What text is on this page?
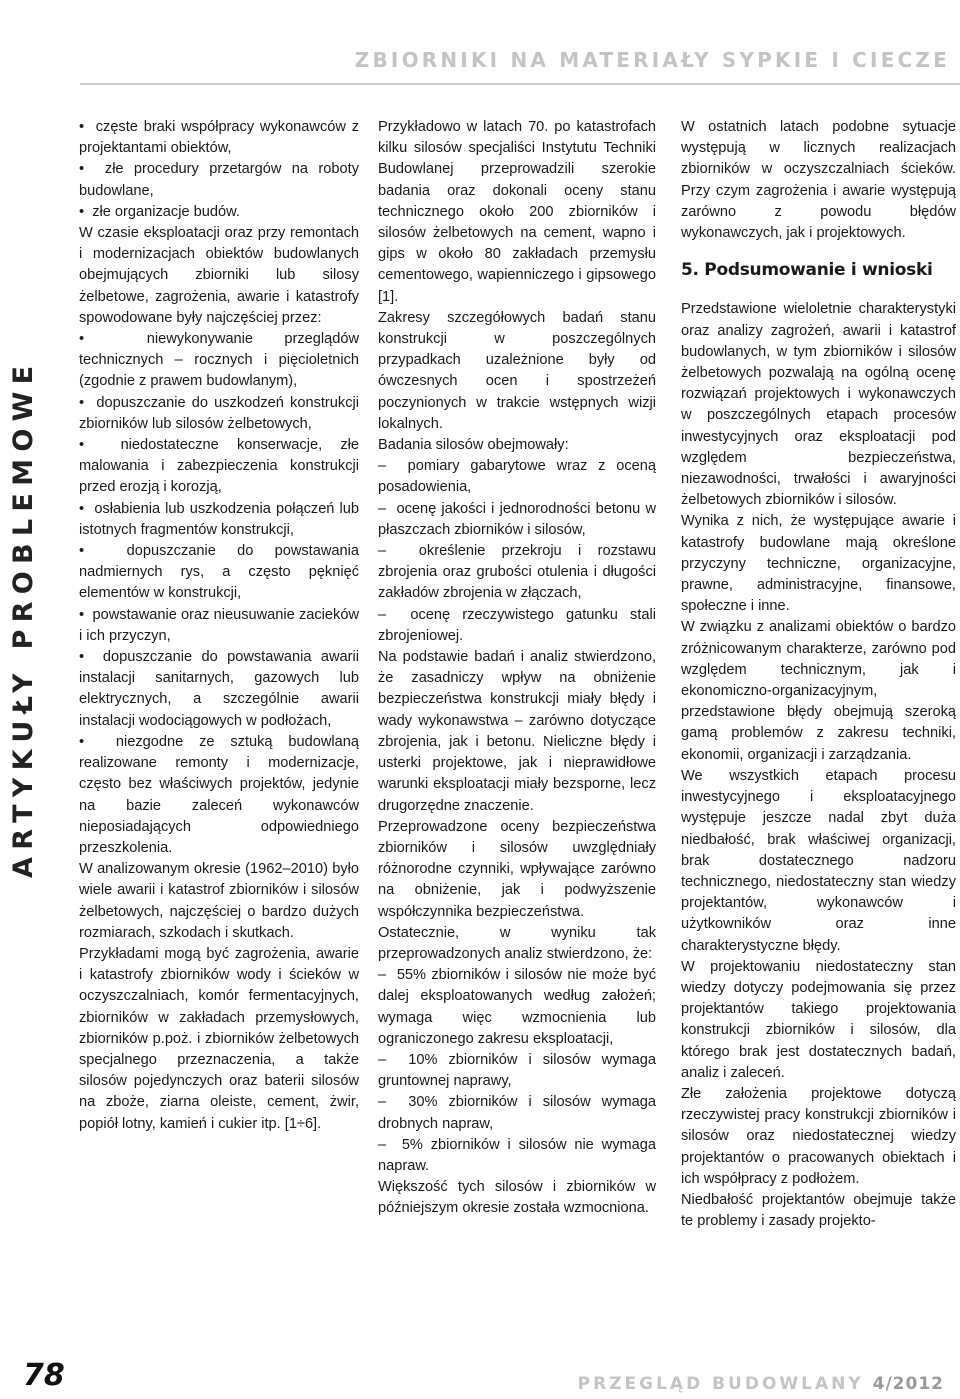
ZBIORNIKI NA MATERIAŁY SYPKIE I CIECZE
ARTYKUŁY PROBLEMOWE

•  częste braki współpracy wykonawców z projektantami obiektów,

•  złe procedury przetargów na roboty budowlane,

•  złe organizacje budów.

W czasie eksploatacji oraz przy remontach i modernizacjach obiektów budowlanych obejmujących zbiorniki lub silosy żelbetowe, zagrożenia, awarie i katastrofy spowodowane były najczęściej przez:

•  niewykonywanie przeglądów technicznych – rocznych i pięcioletnich (zgodnie z prawem budowlanym),

•  dopuszczanie do uszkodzeń konstrukcji zbiorników lub silosów żelbetowych,

•  niedostateczne konserwacje, złe malowania i zabezpieczenia konstrukcji przed erozją i korozją,

•  osłabienia lub uszkodzenia połączeń lub istotnych fragmentów konstrukcji,

•  dopuszczanie do powstawania nadmiernych rys, a często pęknięć elementów w konstrukcji,

•  powstawanie oraz nieusuwanie zacieków i ich przyczyn,

•  dopuszczanie do powstawania awarii instalacji sanitarnych, gazowych lub elektrycznych, a szczególnie awarii instalacji wodociągowych w podłożach,

•  niezgodne ze sztuką budowlaną realizowane remonty i modernizacje, często bez właściwych projektów, jedynie na bazie zaleceń wykonawców nieposiadających odpowiedniego przeszkolenia.

W analizowanym okresie (1962–2010) było wiele awarii i katastrof zbiorników i silosów żelbetowych, najczęściej o bardzo dużych rozmiarach, szkodach i skutkach.

Przykładami mogą być zagrożenia, awarie i katastrofy zbiorników wody i ścieków w oczyszczalniach, komór fermentacyjnych, zbiorników w zakładach przemysłowych, zbiorników p.poż. i zbiorników żelbetowych specjalnego przeznaczenia, a także silosów pojedynczych oraz baterii silosów na zboże, ziarna oleiste, cement, żwir, popiół lotny, kamień i cukier itp. [1÷6].

Przykładowo w latach 70. po katastrofach kilku silosów specjaliści Instytutu Techniki Budowlanej przeprowadzili szerokie badania oraz dokonali oceny stanu technicznego około 200 zbiorników i silosów żelbetowych na cement, wapno i gips w około 80 zakładach przemysłu cementowego, wapienniczego i gipsowego [1].

Zakresy szczegółowych badań stanu konstrukcji w poszczególnych przypadkach uzależnione były od ówczesnych ocen i spostrzeżeń poczynionych w trakcie wstępnych wizji lokalnych.

Badania silosów obejmowały:

–  pomiary gabarytowe wraz z oceną posadowienia,

–  ocenę jakości i jednorodności betonu w płaszczach zbiorników i silosów,

–  określenie przekroju i rozstawu zbrojenia oraz grubości otulenia i długości zakładów zbrojenia w złączach,

–  ocenę rzeczywistego gatunku stali zbrojeniowej.

Na podstawie badań i analiz stwierdzono, że zasadniczy wpływ na obniżenie bezpieczeństwa konstrukcji miały błędy i wady wykonawstwa – zarówno dotyczące zbrojenia, jak i betonu. Nieliczne błędy i usterki projektowe, jak i nieprawidłowe warunki eksploatacji miały bezsporne, lecz drugorzędne znaczenie.

Przeprowadzone oceny bezpieczeństwa zbiorników i silosów uwzględniały różnorodne czynniki, wpływające zarówno na obniżenie, jak i podwyższenie współczynnika bezpieczeństwa.

Ostatecznie, w wyniku tak przeprowadzonych analiz stwierdzono, że:

–  55% zbiorników i silosów nie może być dalej eksploatowanych według założeń; wymaga więc wzmocnienia lub ograniczonego zakresu eksploatacji,

–  10% zbiorników i silosów wymaga gruntownej naprawy,

–  30% zbiorników i silosów wymaga drobnych napraw,

–  5% zbiorników i silosów nie wymaga napraw.

Większość tych silosów i zbiorników w późniejszym okresie została wzmocniona.

W ostatnich latach podobne sytuacje występują w licznych realizacjach zbiorników w oczyszczalniach ścieków. Przy czym zagrożenia i awarie występują zarówno z powodu błędów wykonawczych, jak i projektowych.

5. Podsumowanie i wnioski

Przedstawione wieloletnie charakterystyki oraz analizy zagrożeń, awarii i katastrof budowlanych, w tym zbiorników i silosów żelbetowych pozwalają na ogólną ocenę rozwiązań projektowych i wykonawczych w poszczególnych etapach procesów inwestycyjnych oraz eksploatacji pod względem bezpieczeństwa, niezawodności, trwałości i awaryjności żelbetowych zbiorników i silosów.

Wynika z nich, że występujące awarie i katastrofy budowlane mają określone przyczyny techniczne, organizacyjne, prawne, administracyjne, finansowe, społeczne i inne.

W związku z analizami obiektów o bardzo zróżnicowanym charakterze, zarówno pod względem technicznym, jak i ekonomiczno-organizacyjnym, przedstawione błędy obejmują szeroką gamą problemów z zakresu techniki, ekonomii, organizacji i zarządzania.

We wszystkich etapach procesu inwestycyjnego i eksploatacyjnego występuje jeszcze nadal zbyt duża niedbałość, brak właściwej organizacji, brak dostatecznego nadzoru technicznego, niedostateczny stan wiedzy projektantów, wykonawców i użytkowników oraz inne charakterystyczne błędy.

W projektowaniu niedostateczny stan wiedzy dotyczy podejmowania się przez projektantów takiego projektowania konstrukcji zbiorników i silosów, dla którego brak jest dostatecznych badań, analiz i zaleceń.

Złe założenia projektowe dotyczą rzeczywistej pracy konstrukcji zbiorników i silosów oraz niedostatecznej wiedzy projektantów o pracowanych obiektach i ich współpracy z podłożem.

Niedbałość projektantów obejmuje także te problemy i zasady projekto-

78	PRZEGLĄD BUDOWLANY 4/2012
